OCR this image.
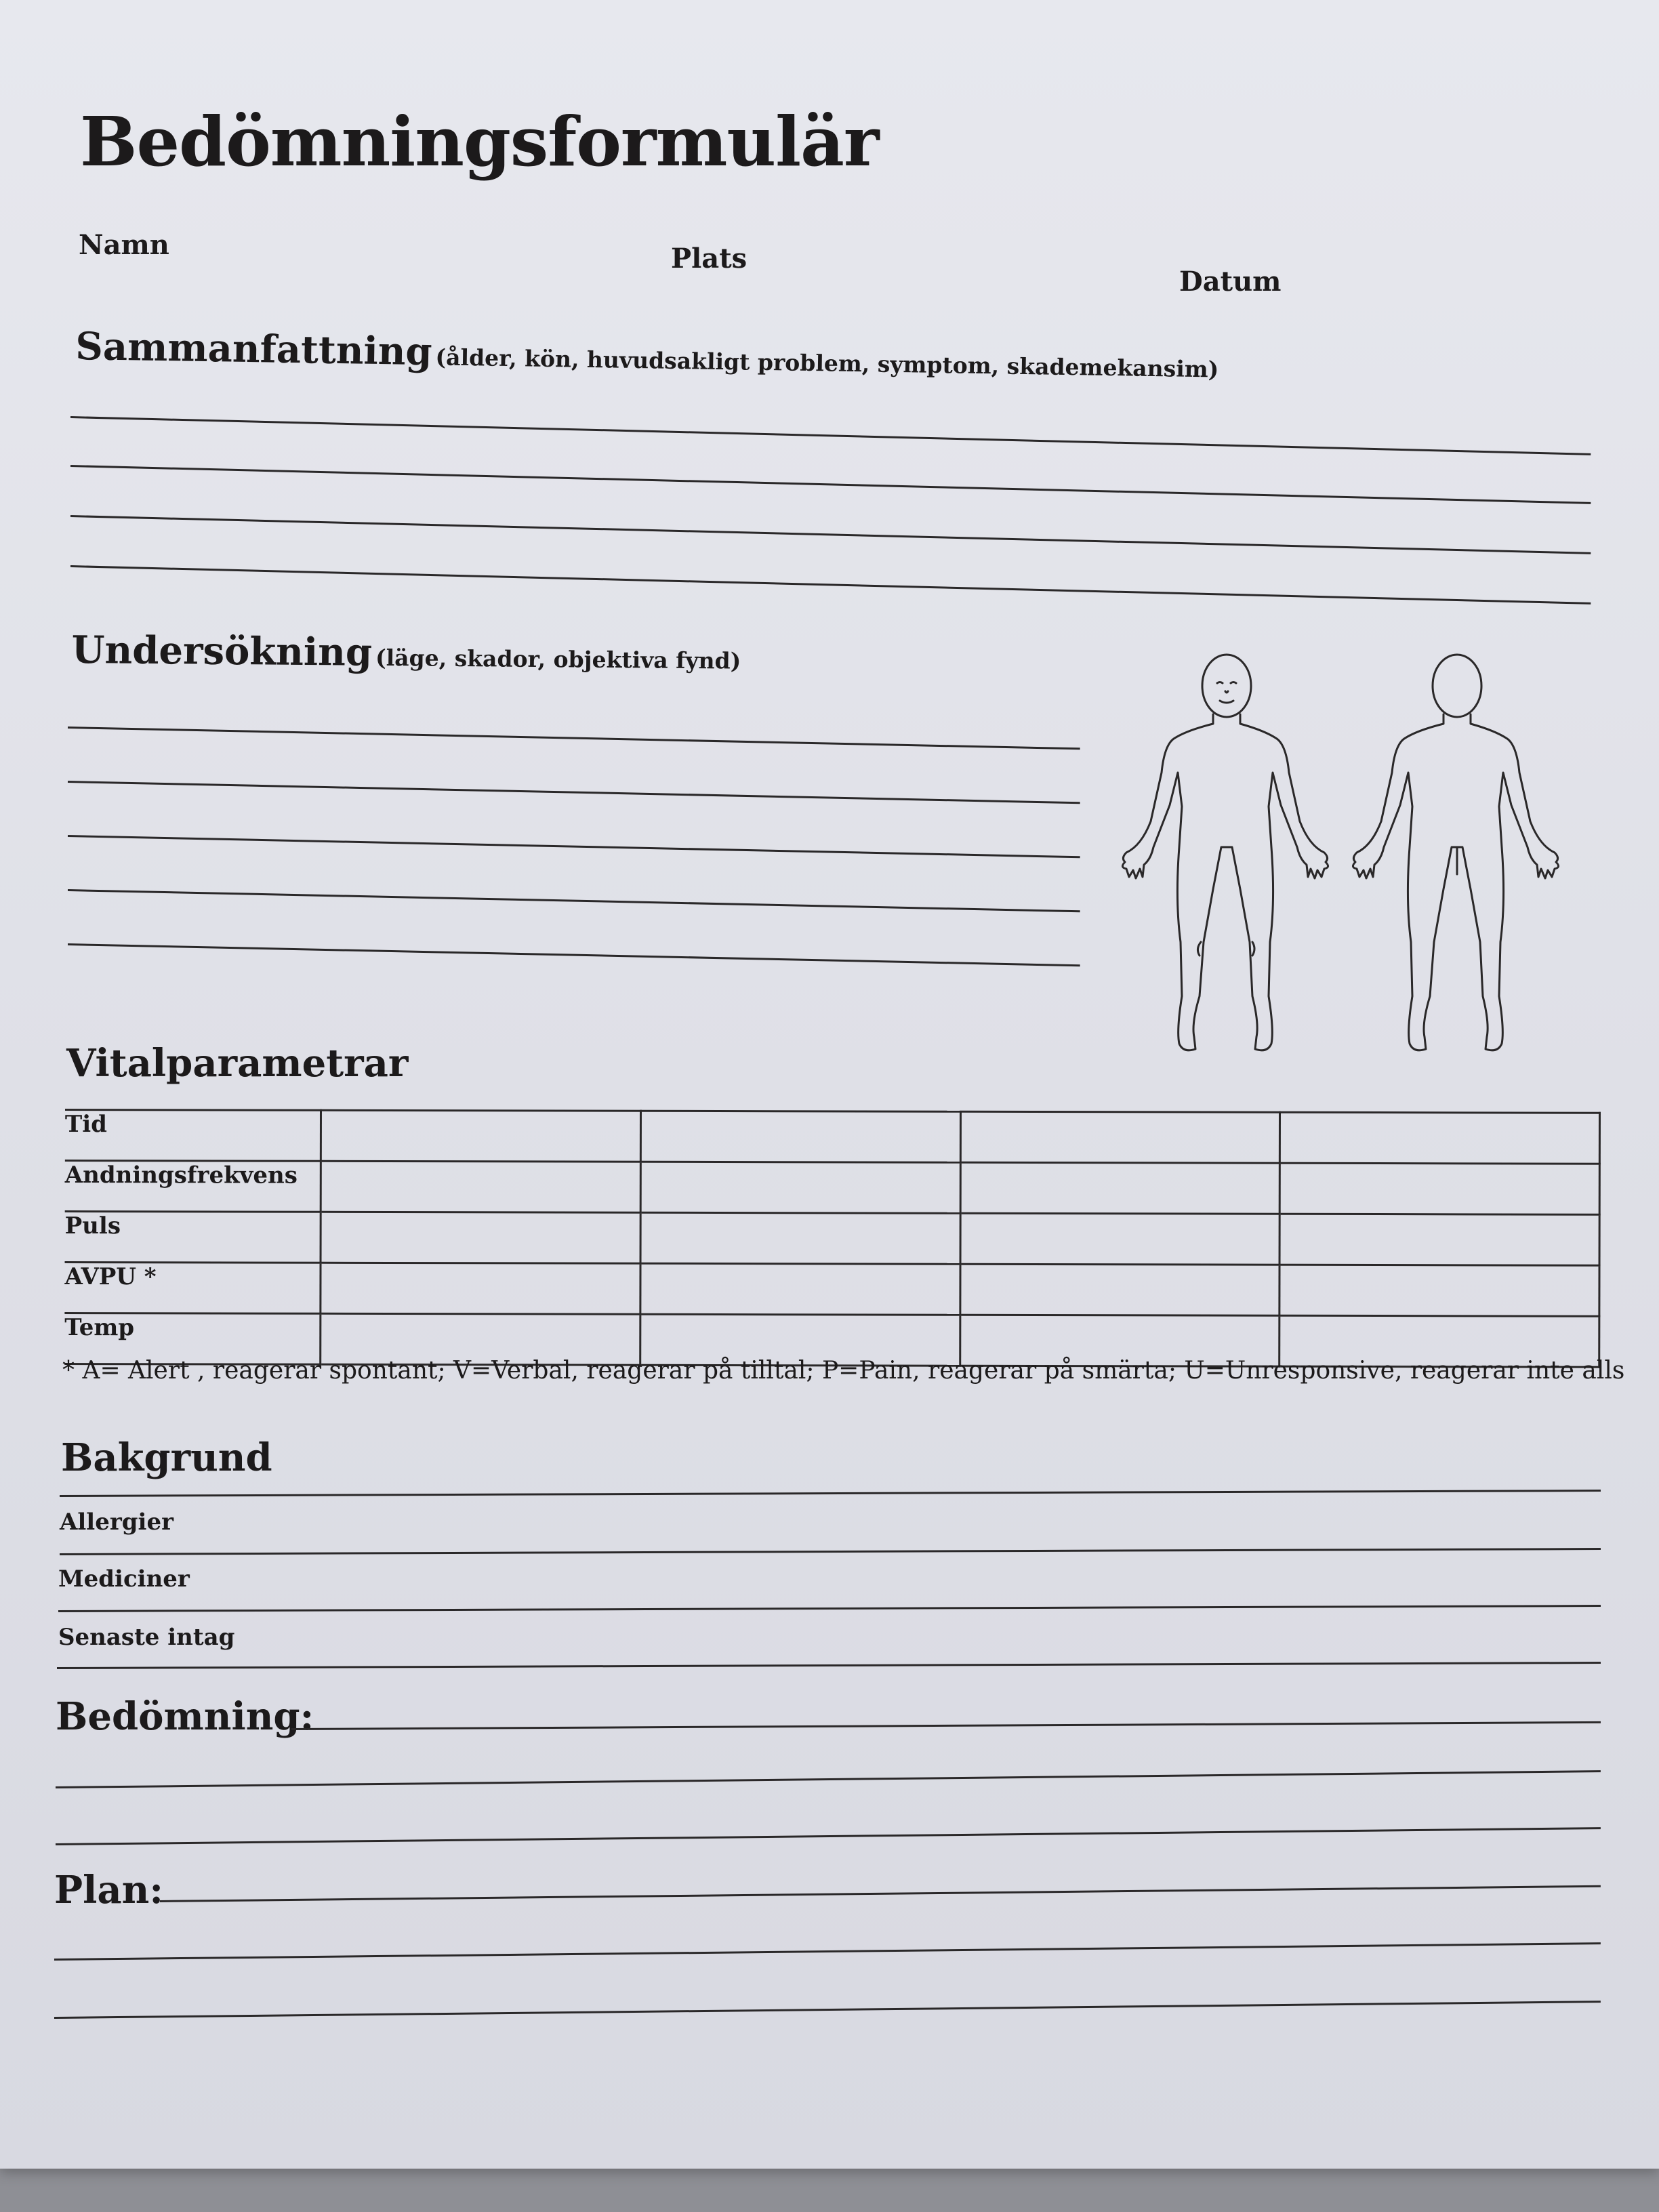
Bedömningsformulär
Namn	Plats
Datum
Sammanfattning (ålder, kön, huvudsakligt problem, symptom, skademekansim)
Undersökning (läge, skador, objektiva fynd)
Vitalparametrar
Tid				

Andningsfrekvens				

Puls				

AVPU *				

Temp				

* A= Alert , reagerar spontant; V=Verbal, reagerar på tilltal; P=Pain, reagerar på smärta; U=Unresponsive, reagerar inte alls
Bakgrund
Allergier
Mediciner
Senaste intag
Bedömning:
Plan:
